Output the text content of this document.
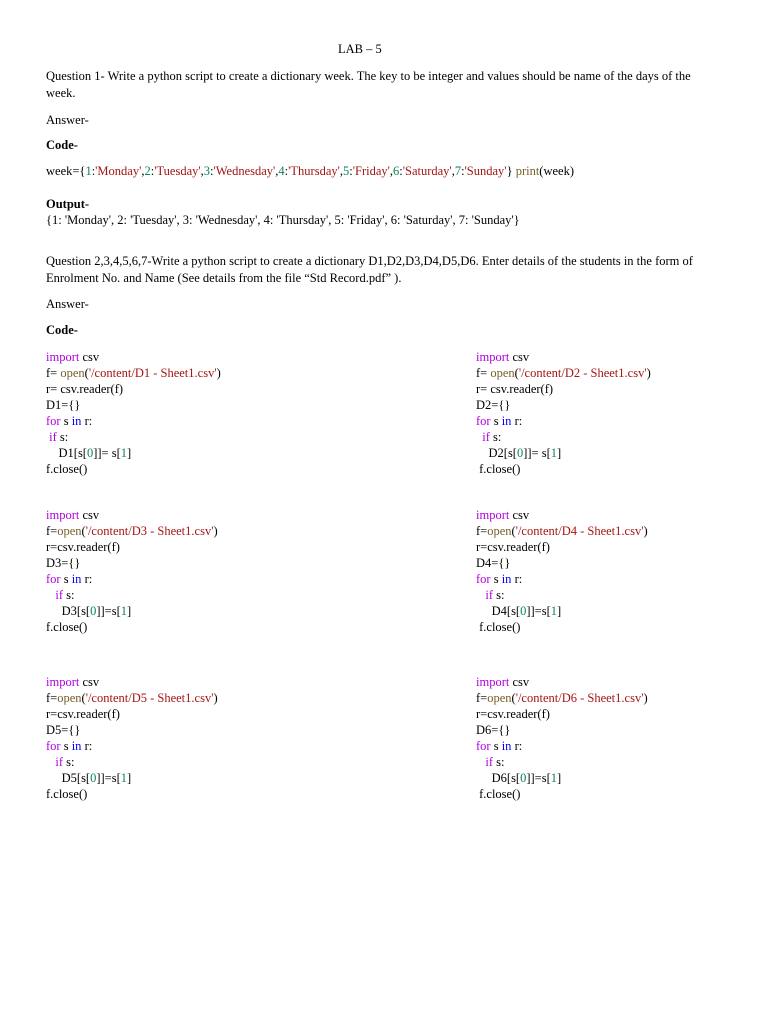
LAB – 5

Question 1- Write a python script to create a dictionary week. The key to be integer and values should be name of the days of the week.

Answer-

Code-

week={1:'Monday',2:'Tuesday',3:'Wednesday',4:'Thursday',5:'Friday',6:'Saturday',7:'Sunday'} print(week)

Output-

{1: 'Monday', 2: 'Tuesday', 3: 'Wednesday', 4: 'Thursday', 5: 'Friday', 6: 'Saturday', 7: 'Sunday'}

Question 2,3,4,5,6,7-Write a python script to create a dictionary D1,D2,D3,D4,D5,D6. Enter details of the students in the form of Enrolment No. and Name (See details from the file “Std Record.pdf” ).

Answer-

Code-

import csv
f= open('/content/D1 - Sheet1.csv')
r= csv.reader(f)
D1={}
for s in r:
if s:
D1[s[0]]= s[1]
f.close()
import csv
f= open('/content/D2 - Sheet1.csv')
r= csv.reader(f)
D2={}
for s in r:
if s:
D2[s[0]]= s[1]
f.close()
import csv
f=open('/content/D3 - Sheet1.csv')
r=csv.reader(f)
D3={}
for s in r:
if s:
D3[s[0]]=s[1]
f.close()
import csv
f=open('/content/D4 - Sheet1.csv')
r=csv.reader(f)
D4={}
for s in r:
if s:
D4[s[0]]=s[1]
f.close()
import csv
f=open('/content/D5 - Sheet1.csv')
r=csv.reader(f)
D5={}
for s in r:
if s:
D5[s[0]]=s[1]
f.close()
import csv
f=open('/content/D6 - Sheet1.csv')
r=csv.reader(f)
D6={}
for s in r:
if s:
D6[s[0]]=s[1]
f.close()
